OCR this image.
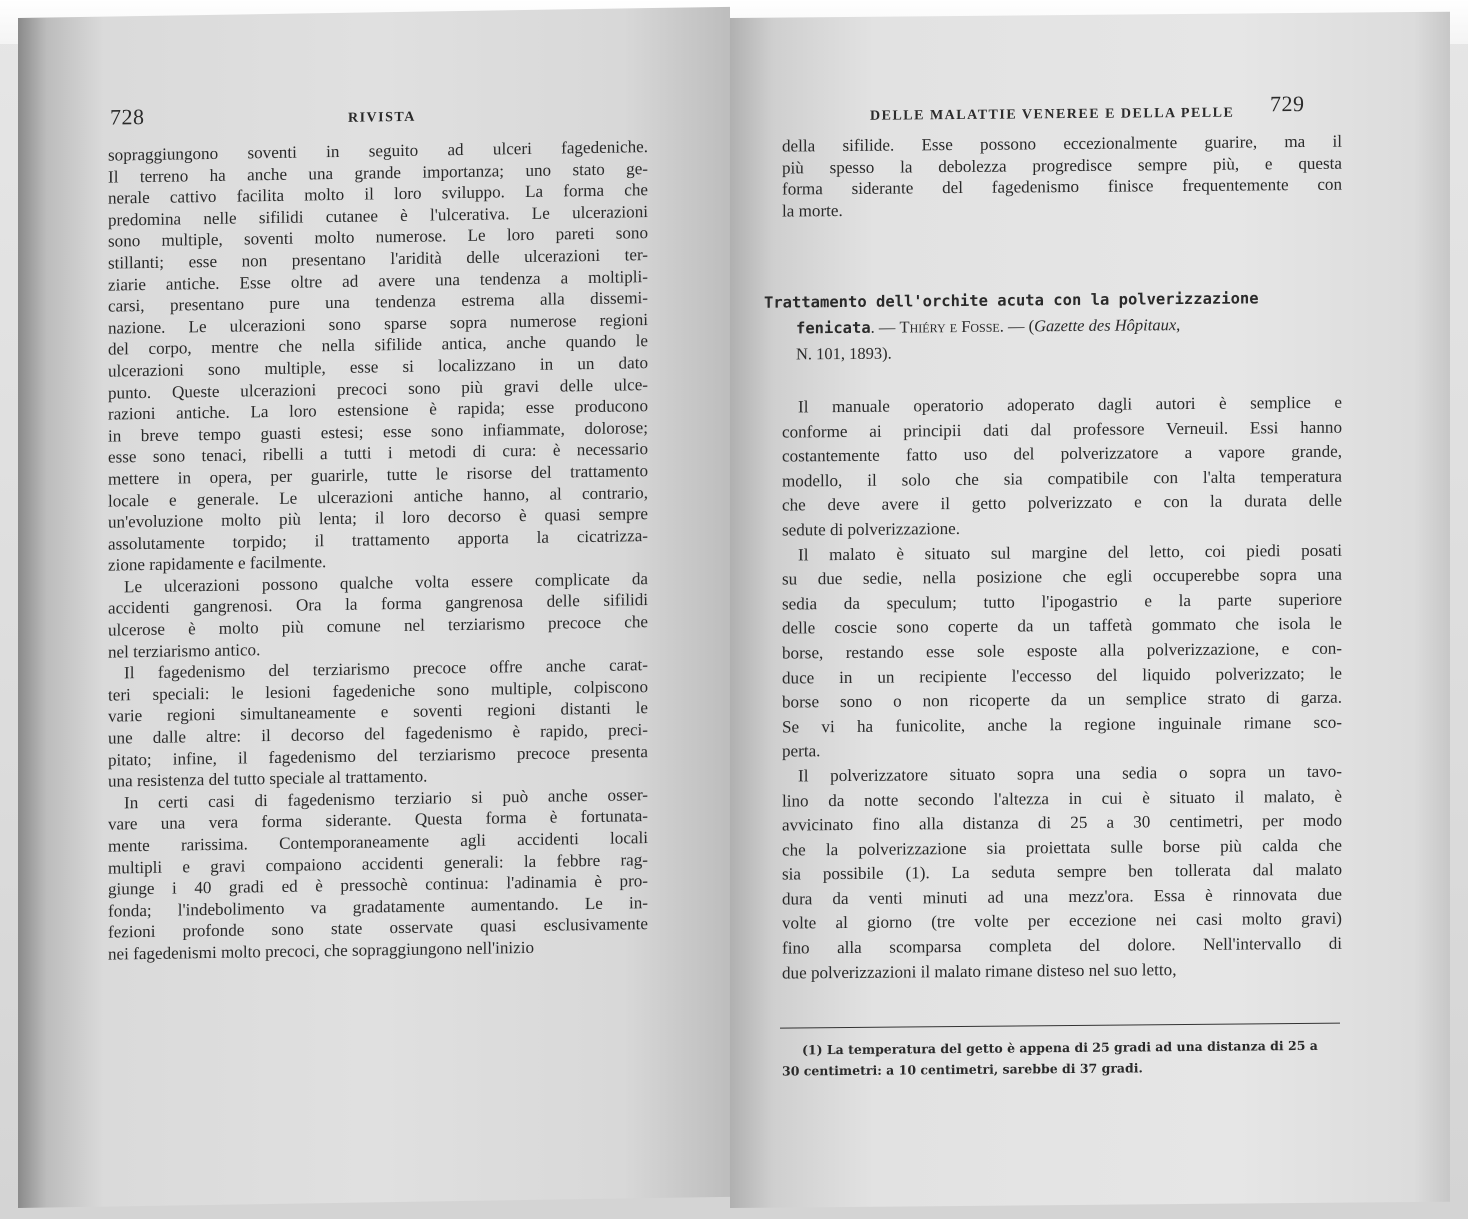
728	RIVISTA
sopraggiungono soventi in seguito ad ulceri fagedeniche.
Il terreno ha anche una grande importanza; uno stato ge-
nerale cattivo facilita molto il loro sviluppo. La forma che
predomina nelle sifilidi cutanee è l'ulcerativa. Le ulcerazioni
sono multiple, soventi molto numerose. Le loro pareti sono
stillanti; esse non presentano l'aridità delle ulcerazioni ter-
ziarie antiche. Esse oltre ad avere una tendenza a moltipli-
carsi, presentano pure una tendenza estrema alla dissemi-
nazione. Le ulcerazioni sono sparse sopra numerose regioni
del corpo, mentre che nella sifilide antica, anche quando le
ulcerazioni sono multiple, esse si localizzano in un dato
punto. Queste ulcerazioni precoci sono più gravi delle ulce-
razioni antiche. La loro estensione è rapida; esse producono
in breve tempo guasti estesi; esse sono infiammate, dolorose;
esse sono tenaci, ribelli a tutti i metodi di cura: è necessario
mettere in opera, per guarirle, tutte le risorse del trattamento
locale e generale. Le ulcerazioni antiche hanno, al contrario,
un'evoluzione molto più lenta; il loro decorso è quasi sempre
assolutamente torpido; il trattamento apporta la cicatrizza-
zione rapidamente e facilmente.
Le ulcerazioni possono qualche volta essere complicate da
accidenti gangrenosi. Ora la forma gangrenosa delle sifilidi
ulcerose è molto più comune nel terziarismo precoce che
nel terziarismo antico.
Il fagedenismo del terziarismo precoce offre anche carat-
teri speciali: le lesioni fagedeniche sono multiple, colpiscono
varie regioni simultaneamente e soventi regioni distanti le
une dalle altre: il decorso del fagedenismo è rapido, preci-
pitato; infine, il fagedenismo del terziarismo precoce presenta
una resistenza del tutto speciale al trattamento.
In certi casi di fagedenismo terziario si può anche osser-
vare una vera forma siderante. Questa forma è fortunata-
mente rarissima. Contemporaneamente agli accidenti locali
multipli e gravi compaiono accidenti generali: la febbre rag-
giunge i 40 gradi ed è pressochè continua: l'adinamia è pro-
fonda; l'indebolimento va gradatamente aumentando. Le in-
fezioni profonde sono state osservate quasi esclusivamente
nei fagedenismi molto precoci, che sopraggiungono nell'inizio
DELLE MALATTIE VENEREE E DELLA PELLE 729
della sifilide. Esse possono eccezionalmente guarire, ma il
più spesso la debolezza progredisce sempre più, e questa
forma siderante del fagedenismo finisce frequentemente con
la morte.
Trattamento dell'orchite acuta con la polverizzazione
fenicata. — Thiéry e Fosse. — (Gazette des Hôpitaux,
N. 101, 1893).
Il manuale operatorio adoperato dagli autori è semplice e
conforme ai principii dati dal professore Verneuil. Essi hanno
costantemente fatto uso del polverizzatore a vapore grande,
modello, il solo che sia compatibile con l'alta temperatura
che deve avere il getto polverizzato e con la durata delle
sedute di polverizzazione.
Il malato è situato sul margine del letto, coi piedi posati
su due sedie, nella posizione che egli occuperebbe sopra una
sedia da speculum; tutto l'ipogastrio e la parte superiore
delle coscie sono coperte da un taffetà gommato che isola le
borse, restando esse sole esposte alla polverizzazione, e con-
duce in un recipiente l'eccesso del liquido polverizzato; le
borse sono o non ricoperte da un semplice strato di garza.
Se vi ha funicolite, anche la regione inguinale rimane sco-
perta.
Il polverizzatore situato sopra una sedia o sopra un tavo-
lino da notte secondo l'altezza in cui è situato il malato, è
avvicinato fino alla distanza di 25 a 30 centimetri, per modo
che la polverizzazione sia proiettata sulle borse più calda che
sia possibile (1). La seduta sempre ben tollerata dal malato
dura da venti minuti ad una mezz'ora. Essa è rinnovata due
volte al giorno (tre volte per eccezione nei casi molto gravi)
fino alla scomparsa completa del dolore. Nell'intervallo di
due polverizzazioni il malato rimane disteso nel suo letto,
(1) La temperatura del getto è appena di 25 gradi ad una distanza di 25 a
30 centimetri: a 10 centimetri, sarebbe di 37 gradi.
